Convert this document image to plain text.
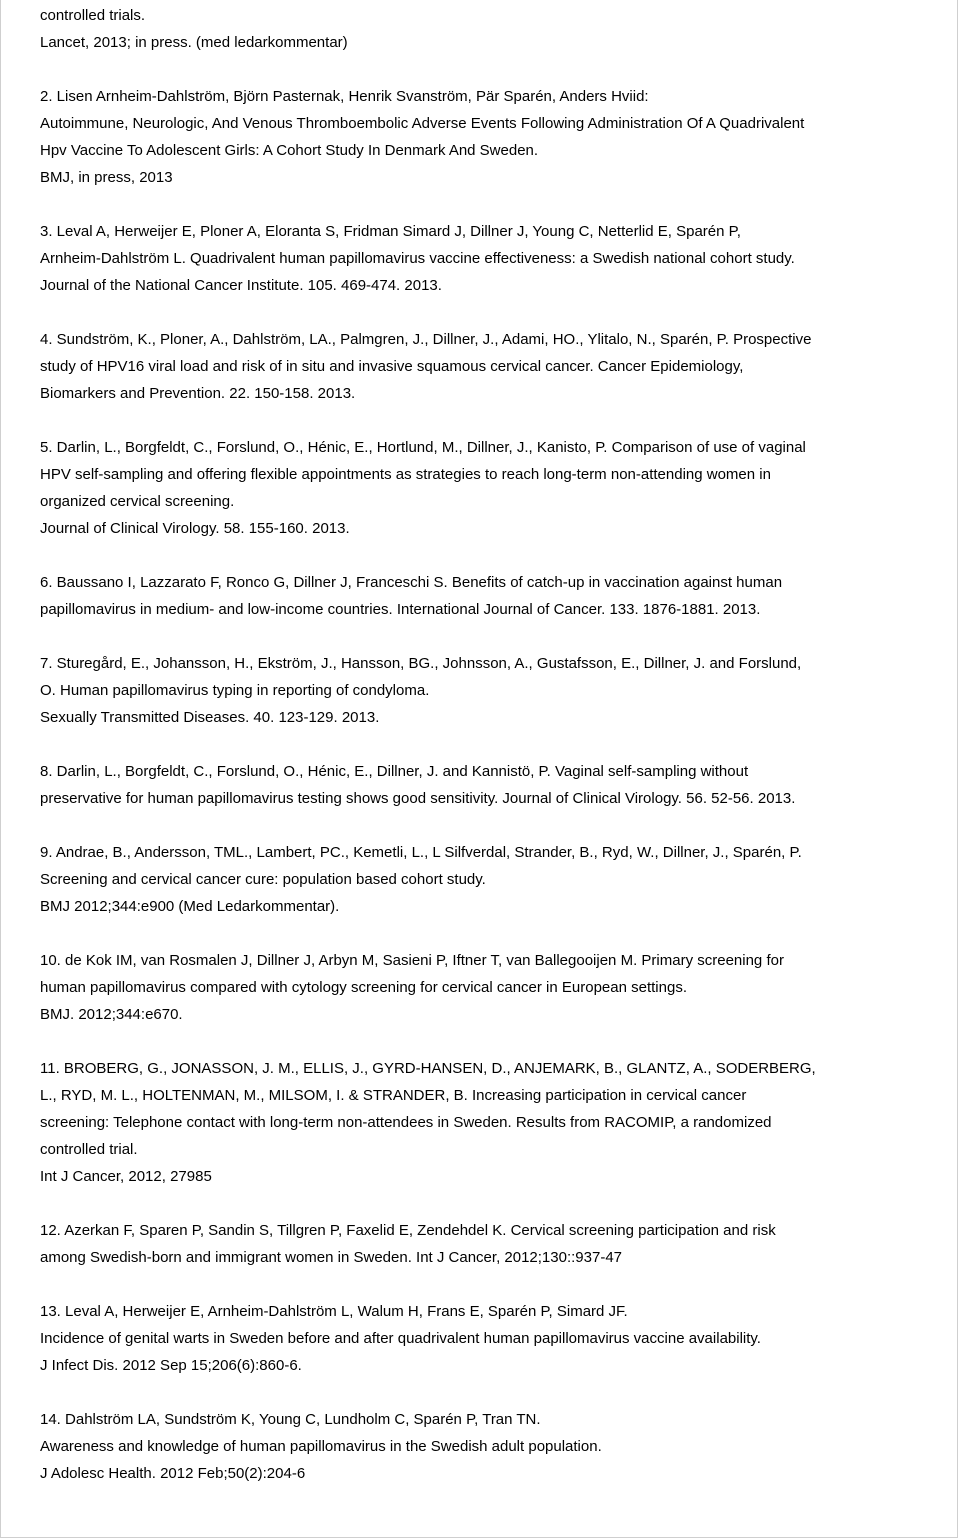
controlled trials.
Lancet, 2013; in press. (med ledarkommentar)
2. Lisen Arnheim-Dahlström, Björn Pasternak, Henrik Svanström, Pär Sparén, Anders Hviid:
Autoimmune, Neurologic, And Venous Thromboembolic Adverse Events Following Administration Of A Quadrivalent
Hpv Vaccine To Adolescent Girls: A Cohort Study In Denmark And Sweden.
BMJ, in press, 2013
3. Leval A, Herweijer E, Ploner A, Eloranta S, Fridman Simard J, Dillner J, Young C, Netterlid E, Sparén P,
Arnheim-Dahlström L. Quadrivalent human papillomavirus vaccine effectiveness: a Swedish national cohort study.
Journal of the National Cancer Institute. 105. 469-474. 2013.
4. Sundström, K., Ploner, A., Dahlström, LA., Palmgren, J., Dillner, J., Adami, HO., Ylitalo, N., Sparén, P. Prospective
study of HPV16 viral load and risk of in situ and invasive squamous cervical cancer. Cancer Epidemiology,
Biomarkers and Prevention. 22. 150-158. 2013.
5. Darlin, L., Borgfeldt, C., Forslund, O., Hénic, E., Hortlund, M., Dillner, J., Kanisto, P. Comparison of use of vaginal
HPV self-sampling and offering flexible appointments as strategies to reach long-term non-attending women in
organized cervical screening.
Journal of Clinical Virology. 58. 155-160. 2013.
6. Baussano I, Lazzarato F, Ronco G, Dillner J, Franceschi S. Benefits of catch-up in vaccination against human
papillomavirus in medium- and low-income countries. International Journal of Cancer. 133. 1876-1881. 2013.
7. Sturegård, E., Johansson, H., Ekström, J., Hansson, BG., Johnsson, A., Gustafsson, E., Dillner, J. and Forslund,
O. Human papillomavirus typing in reporting of condyloma.
Sexually Transmitted Diseases. 40. 123-129. 2013.
8. Darlin, L., Borgfeldt, C., Forslund, O., Hénic, E., Dillner, J. and Kannistö, P. Vaginal self-sampling without
preservative for human papillomavirus testing shows good sensitivity. Journal of Clinical Virology. 56. 52-56. 2013.
9. Andrae, B., Andersson, TML., Lambert, PC., Kemetli, L., L Silfverdal, Strander, B., Ryd, W., Dillner, J., Sparén, P.
Screening and cervical cancer cure: population based cohort study.
BMJ 2012;344:e900 (Med Ledarkommentar).
10. de Kok IM, van Rosmalen J, Dillner J, Arbyn M, Sasieni P, Iftner T, van Ballegooijen M. Primary screening for
human papillomavirus compared with cytology screening for cervical cancer in European settings.
BMJ. 2012;344:e670.
11. BROBERG, G., JONASSON, J. M., ELLIS, J., GYRD-HANSEN, D., ANJEMARK, B., GLANTZ, A., SODERBERG,
L., RYD, M. L., HOLTENMAN, M., MILSOM, I. & STRANDER, B. Increasing participation in cervical cancer
screening: Telephone contact with long-term non-attendees in Sweden. Results from RACOMIP, a randomized
controlled trial.
Int J Cancer, 2012, 27985
12. Azerkan F, Sparen P, Sandin S, Tillgren P, Faxelid E, Zendehdel K. Cervical screening participation and risk
among Swedish-born and immigrant women in Sweden. Int J Cancer, 2012;130::937-47
13. Leval A, Herweijer E, Arnheim-Dahlström L, Walum H, Frans E, Sparén P, Simard JF.
Incidence of genital warts in Sweden before and after quadrivalent human papillomavirus vaccine availability.
J Infect Dis. 2012 Sep 15;206(6):860-6.
14. Dahlström LA, Sundström K, Young C, Lundholm C, Sparén P, Tran TN.
Awareness and knowledge of human papillomavirus in the Swedish adult population.
J Adolesc Health. 2012 Feb;50(2):204-6
